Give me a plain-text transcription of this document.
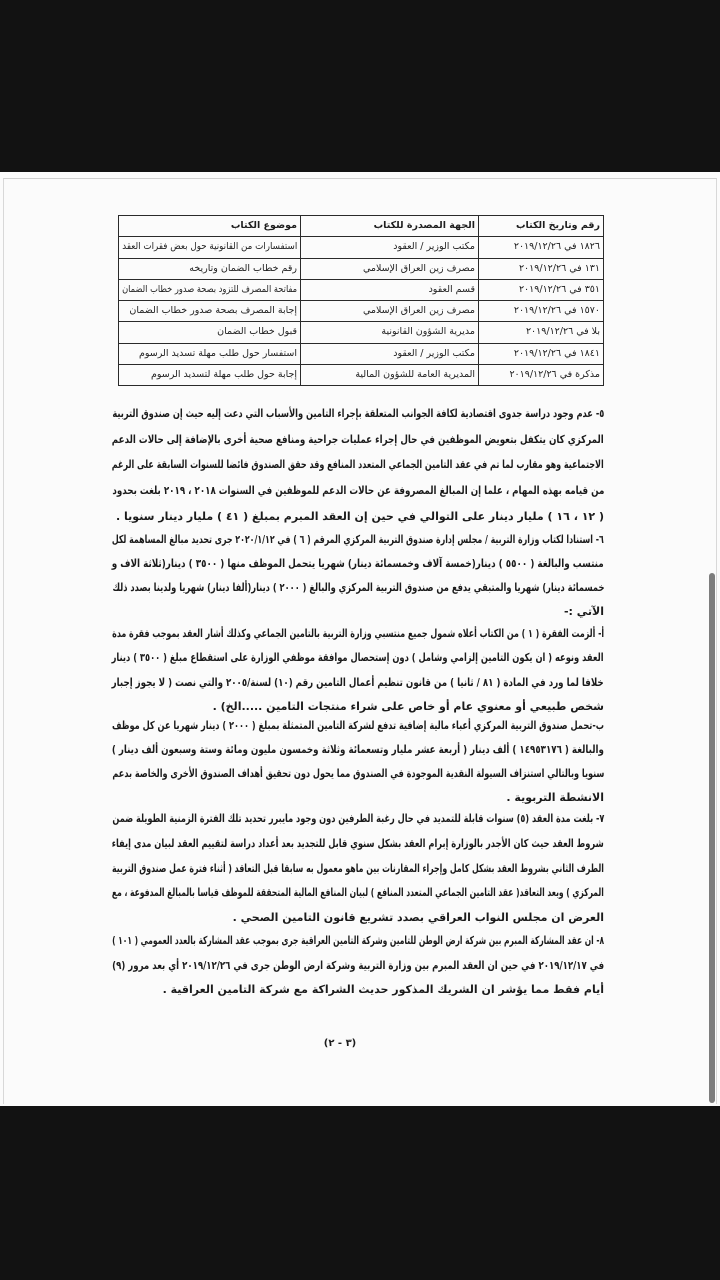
رقم وتاريخ الكتاب	الجهة المصدرة للكتاب	موضوع الكتاب

١٨٢٦ في ٢٠١٩/١٢/٢٦	مكتب الوزير / العقود	استفسارات من القانونية حول بعض فقرات العقد

١٣١ في ٢٠١٩/١٢/٢٦	مصرف زين العراق الإسلامي	رقم خطاب الضمان وتاريخه

٣٥١ في ٢٠١٩/١٢/٢٦	قسم العقود	مفاتحة المصرف للتزود بصحة صدور خطاب الضمان

١٥٧٠ في ٢٠١٩/١٢/٢٦	مصرف زين العراق الإسلامي	إجابة المصرف بصحة صدور خطاب الضمان

بلا في ٢٠١٩/١٢/٢٦	مديرية الشؤون القانونية	قبول خطاب الضمان

١٨٤١ في ٢٠١٩/١٢/٢٦	مكتب الوزير / العقود	استفسار حول طلب مهلة تسديد الرسوم

مذكرة في ٢٠١٩/١٢/٢٦	المديرية العامة للشؤون المالية	إجابة حول طلب مهلة لتسديد الرسوم
٥- عدم وجود دراسة جدوى اقتصادية لكافة الجوانب المتعلقة بإجراء التامين والأسباب التي دعت إليه حيث إن صندوق التربية
المركزي كان يتكفل بتعويض الموظفين في حال إجراء عمليات جراحية ومنافع صحية أخرى بالإضافة إلى حالات الدعم
الاجتماعية وهو مقارب لما تم في عقد التامين الجماعي المتعدد المنافع وقد حقق الصندوق فائضا للسنوات السابقة على الرغم
من قيامه بهذه المهام ، علما إن المبالغ المصروفة عن حالات الدعم للموظفين في السنوات ٢٠١٨ ، ٢٠١٩ بلغت بحدود
( ١٢ ، ١٦ ) مليار دينار على التوالي في حين إن العقد المبرم بمبلغ ( ٤١ ) مليار دينار سنويا .
٦- استنادا لكتاب وزارة التربية / مجلس إدارة صندوق التربية المركزي المرقم ( ٦ ) في ٢٠٢٠/١/١٢ جرى تحديد مبالغ المساهمة لكل
منتسب والبالغة ( ٥٥٠٠ ) دينار(خمسة آلاف وخمسمائة دينار) شهريا يتحمل الموظف منها ( ٣٥٠٠ ) دينار(ثلاثة الاف و
خمسمائة دينار) شهريا والمتبقي يدفع من صندوق التربية المركزي والبالغ ( ٢٠٠٠ ) دينار(ألفا دينار) شهريا ولدينا بصدد ذلك
الآتي :-
أ- ألزمت الفقرة ( ١ ) من الكتاب أعلاه شمول جميع منتسبي وزارة التربية بالتامين الجماعي وكذلك أشار العقد بموجب فقرة مدة
العقد ونوعه ( ان يكون التامين إلزامي وشامل ) دون إستحصال موافقة موظفي الوزارة على استقطاع مبلغ ( ٣٥٠٠ ) دينار
خلافا لما ورد في المادة ( ٨١ / ثانيا ) من قانون تنظيم أعمال التامين رقم (١٠) لسنة/٢٠٠٥ والتي نصت ( لا يجوز إجبار
شخص طبيعي أو معنوي عام أو خاص على شراء منتجات التامين .....الخ) .
ب-تحمل صندوق التربية المركزي أعباء مالية إضافية تدفع لشركة التامين المتمثلة بمبلغ ( ٢٠٠٠ ) دينار شهريا عن كل موظف
والبالغة ( ١٤٩٥٣١٧٦ ) ألف دينار ( أربعة عشر مليار وتسعمائة وثلاثة وخمسون مليون ومائة وستة وسبعون ألف دينار )
سنويا وبالتالي استنزاف السيولة النقدية الموجودة في الصندوق مما يحول دون تحقيق أهداف الصندوق الأخرى والخاصة بدعم
الانشطة التربوية .
٧- بلغت مدة العقد (٥) سنوات قابلة للتمديد في حال رغبة الطرفين دون وجود مايبرر تحديد تلك الفترة الزمنية الطويلة ضمن
شروط العقد حيث كان الأجدر بالوزارة إبرام العقد بشكل سنوي قابل للتجديد بعد أعداد دراسة لتقييم العقد لبيان مدى إيفاء
الطرف الثاني بشروط العقد بشكل كامل وإجراء المقارنات بين ماهو معمول به سابقا قبل التعاقد ( أثناء فترة عمل صندوق التربية
المركزي ) وبعد التعاقد( عقد التامين الجماعي المتعدد المنافع ) لبيان المنافع المالية المتحققة للموظف قياسا بالمبالغ المدفوعة ، مع
العرض ان مجلس النواب العراقي بصدد تشريع قانون التامين الصحي .
٨- ان عقد المشاركة المبرم بين شركة ارض الوطن للتامين وشركة التامين العراقية جرى بموجب عقد المشاركة بالعدد العمومي ( ١٠١ )
في ٢٠١٩/١٢/١٧ في حين ان العقد المبرم بين وزارة التربية وشركة ارض الوطن جرى في ٢٠١٩/١٢/٢٦ أي بعد مرور (٩)
أيام فقط مما يؤشر ان الشريك المذكور حديث الشراكة مع شركة التامين العراقية .
(٣ - ٢)
